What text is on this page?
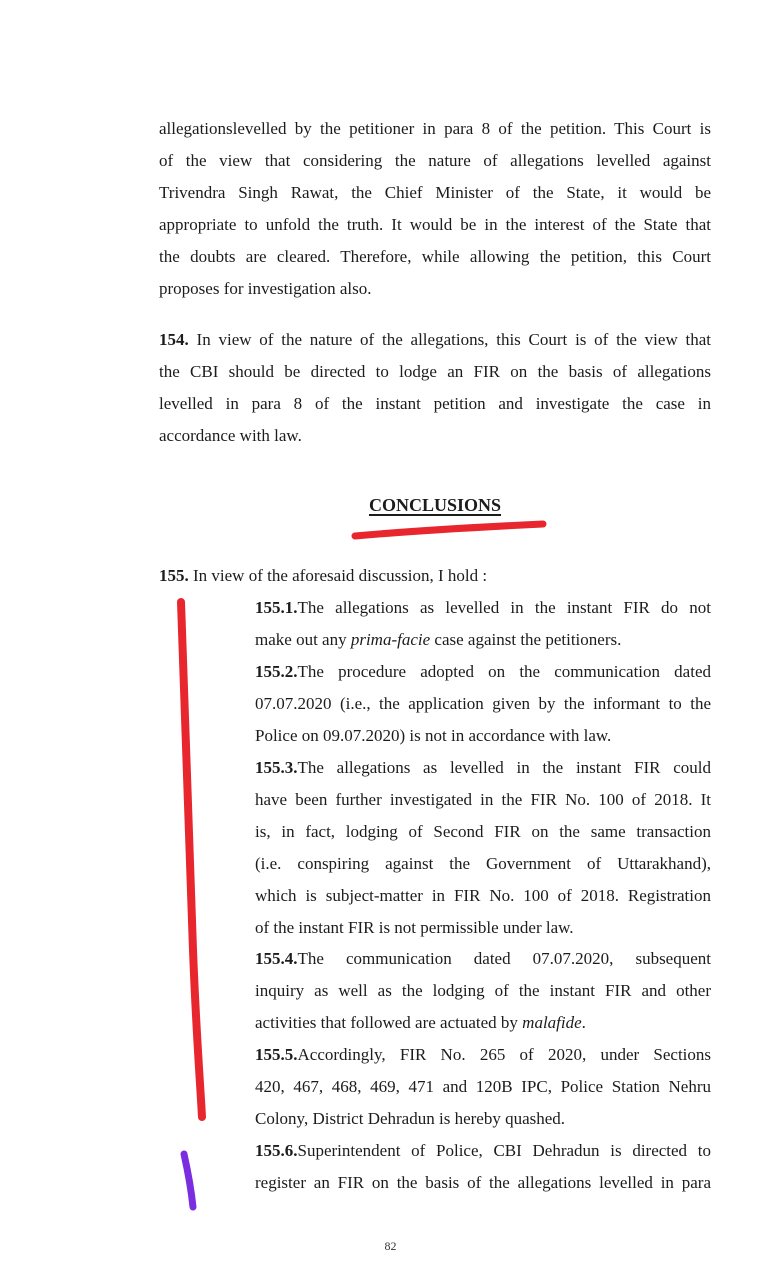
allegationslevelled by the petitioner in para 8 of the petition. This Court is
of the view that considering the nature of allegations levelled against
Trivendra Singh Rawat, the Chief Minister of the State, it would be
appropriate to unfold the truth. It would be in the interest of the State that
the doubts are cleared. Therefore, while allowing the petition, this Court
proposes for investigation also.
154. In view of the nature of the allegations, this Court is of the view that
the CBI should be directed to lodge an FIR on the basis of allegations
levelled in para 8 of the instant petition and investigate the case in
accordance with law.
CONCLUSIONS
155. In view of the aforesaid discussion, I hold :
155.1.The allegations as levelled in the instant FIR do not
make out any prima-facie case against the petitioners.
155.2.The procedure adopted on the communication dated
07.07.2020 (i.e., the application given by the informant to the
Police on 09.07.2020) is not in accordance with law.
155.3.The allegations as levelled in the instant FIR could
have been further investigated in the FIR No. 100 of 2018. It
is, in fact, lodging of Second FIR on the same transaction
(i.e. conspiring against the Government of Uttarakhand),
which is subject-matter in FIR No. 100 of 2018. Registration
of the instant FIR is not permissible under law.
155.4.The communication dated 07.07.2020, subsequent
inquiry as well as the lodging of the instant FIR and other
activities that followed are actuated by malafide.
155.5.Accordingly, FIR No. 265 of 2020, under Sections
420, 467, 468, 469, 471 and 120B IPC, Police Station Nehru
Colony, District Dehradun is hereby quashed.
155.6.Superintendent of Police, CBI Dehradun is directed to
register an FIR on the basis of the allegations levelled in para
82
